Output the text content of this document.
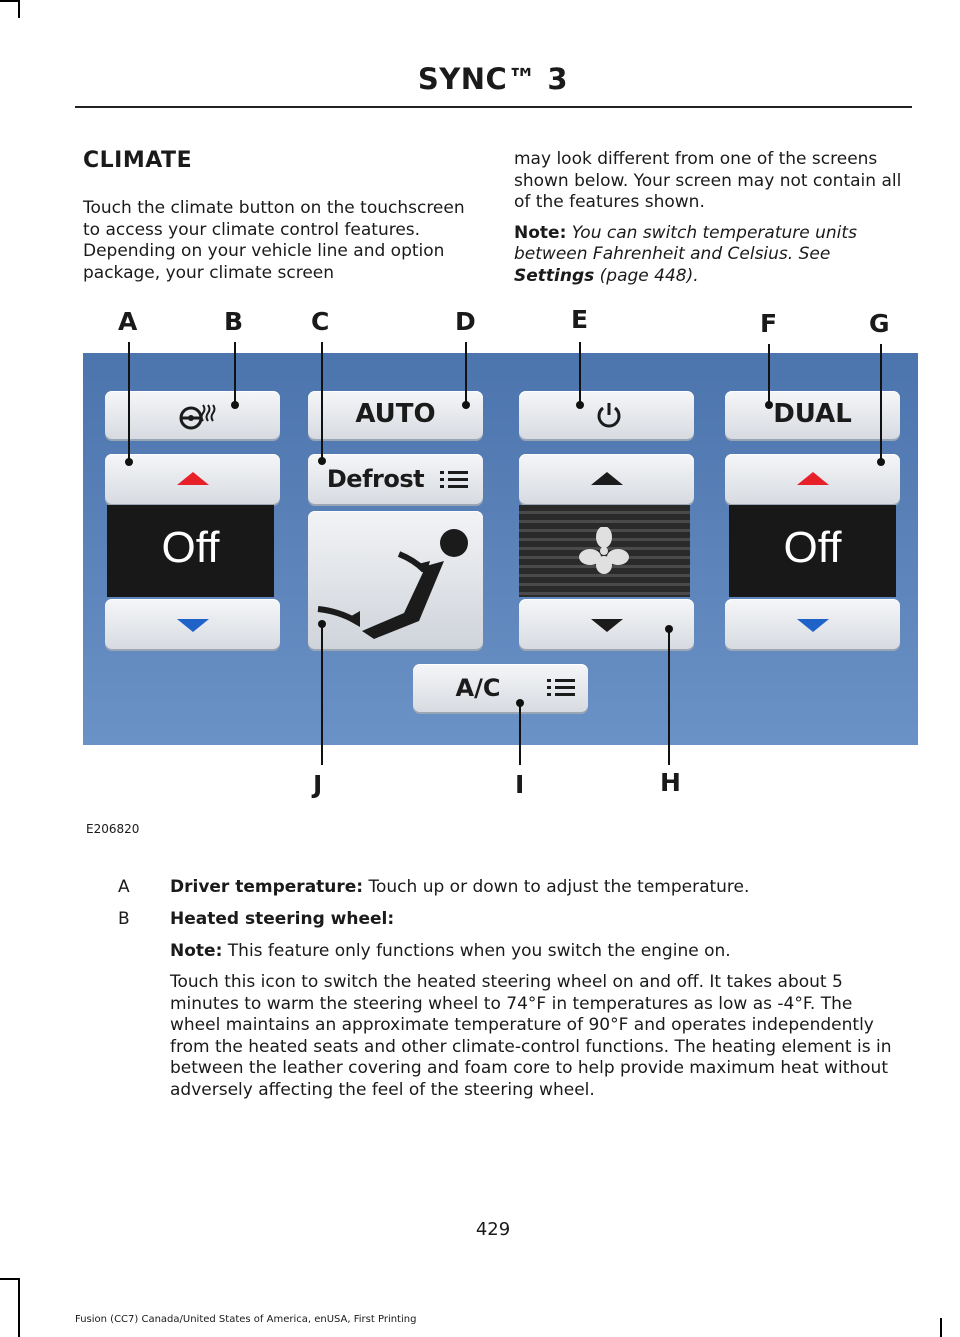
SYNC™ 3
CLIMATE

Touch the climate button on the touchscreen to access your climate control features. Depending on your vehicle line and option package, your climate screen

may look different from one of the screens shown below. Your screen may not contain all of the features shown.

Note: You can switch temperature units between Fahrenheit and Celsius. See Settings (page 448).

AUTO	DUAL
Off
Defrost
Off
A/C
A	B	C	D	E	F	G
H
I
J
E206820
A	Driver temperature: Touch up or down to adjust the temperature.
B	Heated steering wheel:
Note: This feature only functions when you switch the engine on.
Touch this icon to switch the heated steering wheel on and off. It takes about 5 minutes to warm the steering wheel to 74°F in temperatures as low as -4°F. The wheel maintains an approximate temperature of 90°F and operates independently from the heated seats and other climate-control functions. The heating element is in between the leather covering and foam core to help provide maximum heat without adversely affecting the feel of the steering wheel.
429
Fusion (CC7) Canada/United States of America, enUSA, First Printing
